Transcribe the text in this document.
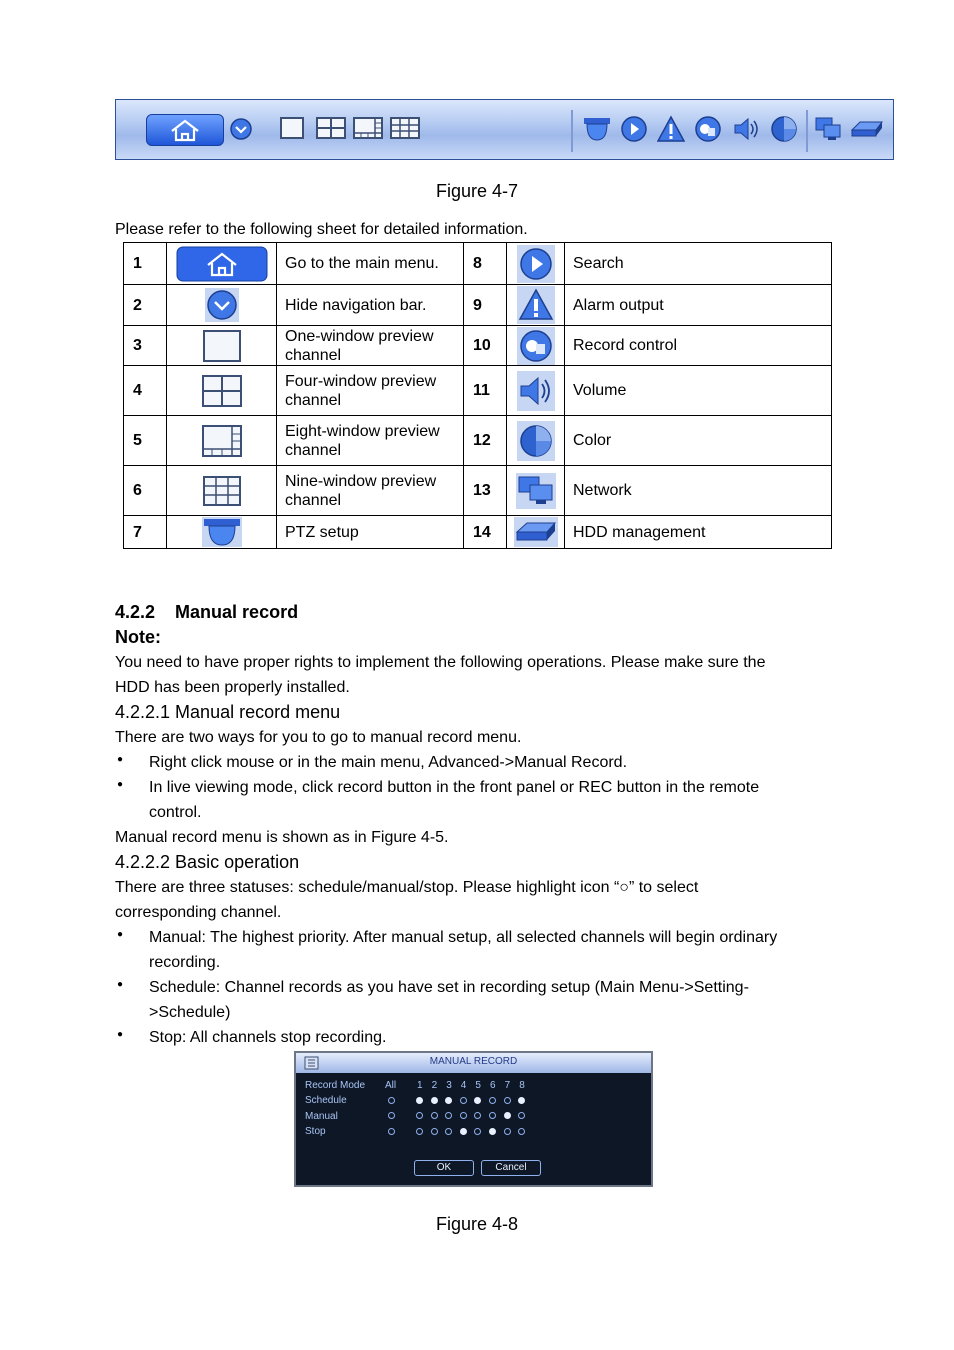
Figure 4-7
Please refer to the following sheet for detailed information.
1		Go to the main menu.	8		Search
2		Hide navigation bar.	9		Alarm output
3		One-window preview channel	10		Record control
4		Four-window preview channel	11		Volume
5		Eight-window preview channel	12		Color
6		Nine-window preview channel	13		Network
7		PTZ setup	14		HDD management
4.2.2 Manual record
Note:
You need to have proper rights to implement the following operations. Please make sure the
HDD has been properly installed.
4.2.2.1 Manual record menu
There are two ways for you to go to manual record menu.
● Right click mouse or in the main menu, Advanced->Manual Record.
● In live viewing mode, click record button in the front panel or REC button in the remote
control.
Manual record menu is shown as in Figure 4-5.
4.2.2.2 Basic operation
There are three statuses: schedule/manual/stop. Please highlight icon “○” to select
corresponding channel.
● Manual: The highest priority. After manual setup, all selected channels will begin ordinary
recording.
● Schedule: Channel records as you have set in recording setup (Main Menu->Setting-
>Schedule)
● Stop: All channels stop recording.
MANUAL RECORD
Record Mode
Schedule
Manual
Stop
All 1 2 3 4 5 6 7 8
OK	Cancel
Figure 4-8
